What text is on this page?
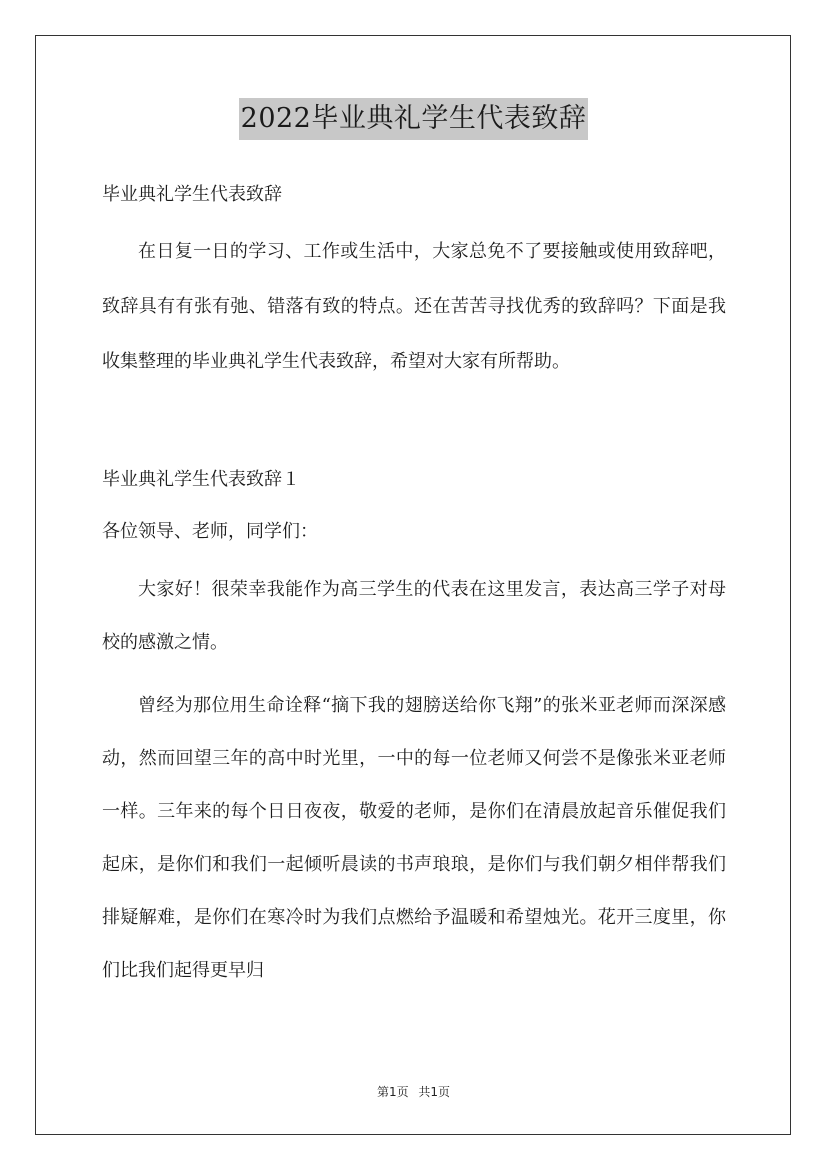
2022毕业典礼学生代表致辞

毕业典礼学生代表致辞

在日复一日的学习、工作或生活中，大家总免不了要接触或使用致辞吧，致辞具有有张有弛、错落有致的特点。还在苦苦寻找优秀的致辞吗？下面是我收集整理的毕业典礼学生代表致辞，希望对大家有所帮助。

毕业典礼学生代表致辞１

各位领导、老师，同学们：

大家好！很荣幸我能作为高三学生的代表在这里发言，表达高三学子对母校的感激之情。

曾经为那位用生命诠释“摘下我的翅膀送给你飞翔”的张米亚老师而深深感动，然而回望三年的高中时光里，一中的每一位老师又何尝不是像张米亚老师一样。三年来的每个日日夜夜，敬爱的老师，是你们在清晨放起音乐催促我们起床，是你们和我们一起倾听晨读的书声琅琅，是你们与我们朝夕相伴帮我们排疑解难，是你们在寒冷时为我们点燃给予温暖和希望烛光。花开三度里，你们比我们起得更早归

第1页 共1页
